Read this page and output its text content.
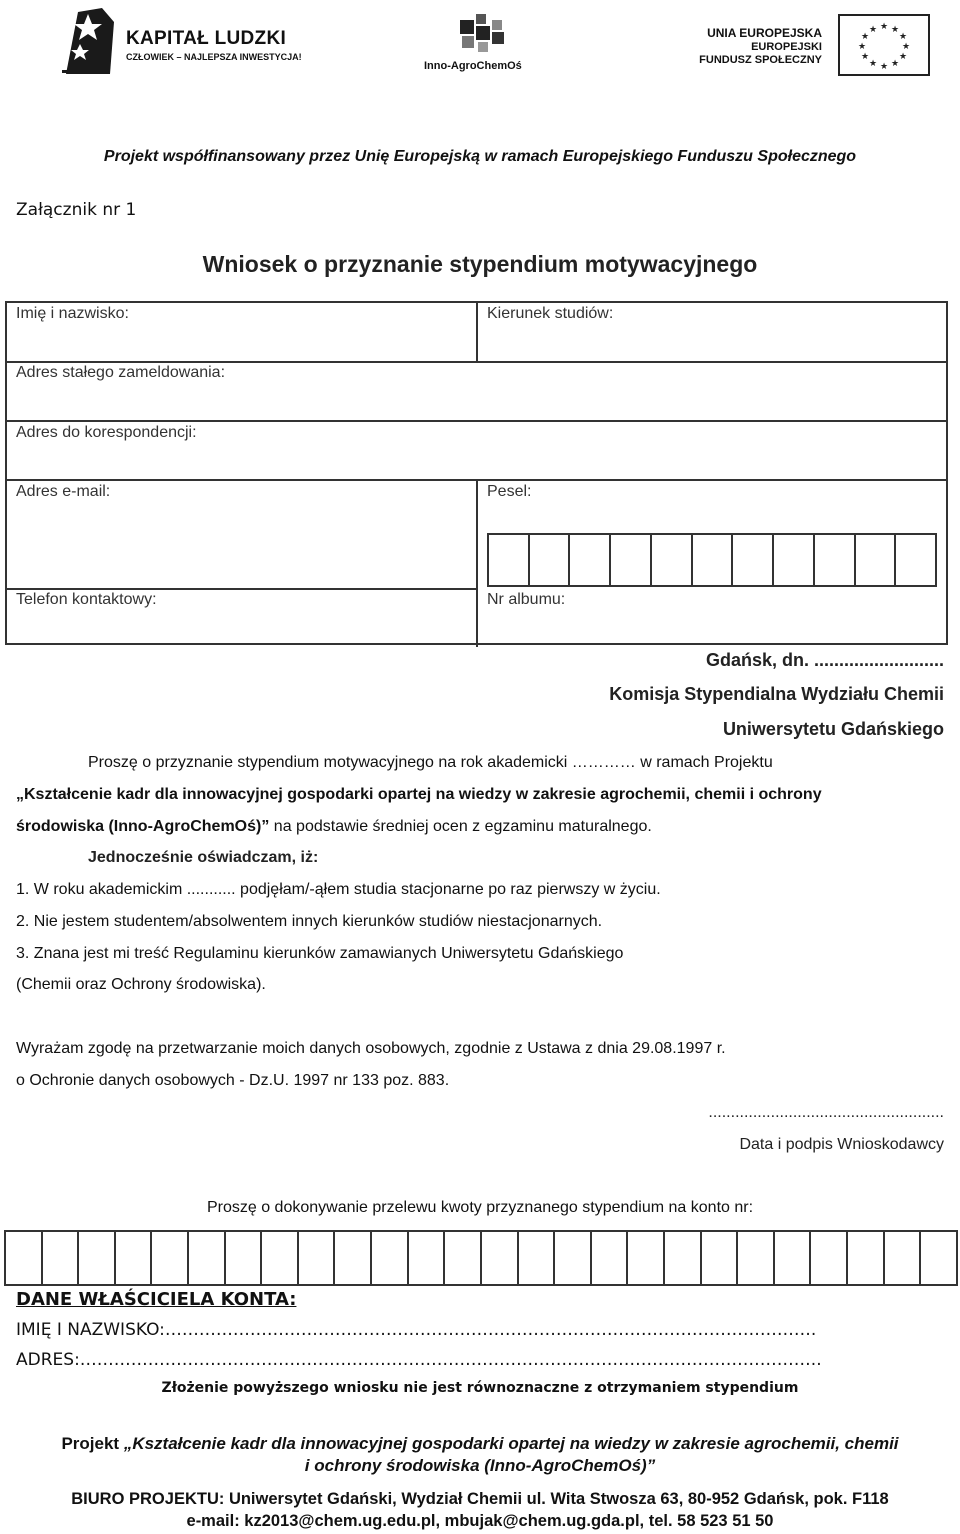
KAPITAŁ LUDZKI
CZŁOWIEK – NAJLEPSZA INWESTYCJA!
Inno-AgroChemOś
UNIA EUROPEJSKA
EUROPEJSKI
FUNDUSZ SPOŁECZNY
★ ★
★
★
★
★
★
★
★
★
★
★
Projekt współfinansowany przez Unię Europejską w ramach Europejskiego Funduszu Społecznego
Załącznik nr 1
Wniosek o przyznanie stypendium motywacyjnego
Imię i nazwisko:	Kierunek studiów:
Adres stałego zameldowania:
Adres do korespondencji:
Adres e-mail:	Pesel:
Telefon kontaktowy:	Nr albumu:
Gdańsk, dn. ..........................
Komisja Stypendialna Wydziału Chemii
Uniwersytetu Gdańskiego
Proszę o przyznanie stypendium motywacyjnego na rok akademicki ………… w ramach Projektu
„Kształcenie kadr dla innowacyjnej gospodarki opartej na wiedzy w zakresie agrochemii, chemii i ochrony
środowiska (Inno-AgroChemOś)” na podstawie średniej ocen z egzaminu maturalnego.
Jednocześnie oświadczam, iż:
1. W roku akademickim ........... podjęłam/-ąłem studia stacjonarne po raz pierwszy w życiu.
2. Nie jestem studentem/absolwentem innych kierunków studiów niestacjonarnych.
3. Znana jest mi treść Regulaminu kierunków zamawianych Uniwersytetu Gdańskiego
(Chemii oraz Ochrony środowiska).
Wyrażam zgodę na przetwarzanie moich danych osobowych, zgodnie z Ustawa z dnia 29.08.1997 r.
o Ochronie danych osobowych - Dz.U. 1997 nr 133 poz. 883.
.....................................................
Data i podpis Wnioskodawcy
Proszę o dokonywanie przelewu kwoty przyznanego stypendium na konto nr:
DANE WŁAŚCICIELA KONTA:
IMIĘ I NAZWISKO:…………………………………………………………………………………………………….
ADRES:…………………………………………………………………………………………………………………..
Złożenie powyższego wniosku nie jest równoznaczne z otrzymaniem stypendium
Projekt „Kształcenie kadr dla innowacyjnej gospodarki opartej na wiedzy w zakresie agrochemii, chemii
i ochrony środowiska (Inno-AgroChemOś)”
BIURO PROJEKTU: Uniwersytet Gdański, Wydział Chemii ul. Wita Stwosza 63, 80-952 Gdańsk, pok. F118
e-mail: kz2013@chem.ug.edu.pl, mbujak@chem.ug.gda.pl, tel. 58 523 51 50
